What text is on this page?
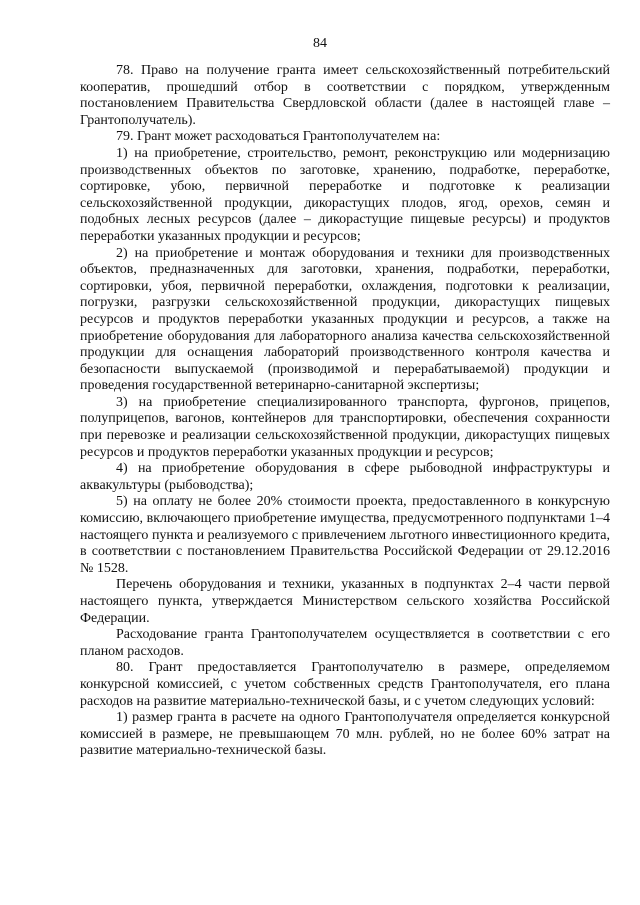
84

78. Право на получение гранта имеет сельскохозяйственный потребительский кооператив, прошедший отбор в соответствии с порядком, утвержденным постановлением Правительства Свердловской области (далее в настоящей главе – Грантополучатель).

79. Грант может расходоваться Грантополучателем на:

1) на приобретение, строительство, ремонт, реконструкцию или модернизацию производственных объектов по заготовке, хранению, подработке, переработке, сортировке, убою, первичной переработке и подготовке к реализации сельскохозяйственной продукции, дикорастущих плодов, ягод, орехов, семян и подобных лесных ресурсов (далее – дикорастущие пищевые ресурсы) и продуктов переработки указанных продукции и ресурсов;

2) на приобретение и монтаж оборудования и техники для производственных объектов, предназначенных для заготовки, хранения, подработки, переработки, сортировки, убоя, первичной переработки, охлаждения, подготовки к реализации, погрузки, разгрузки сельскохозяйственной продукции, дикорастущих пищевых ресурсов и продуктов переработки указанных продукции и ресурсов, а также на приобретение оборудования для лабораторного анализа качества сельскохозяйственной продукции для оснащения лабораторий производственного контроля качества и безопасности выпускаемой (производимой и перерабатываемой) продукции и проведения государственной ветеринарно-санитарной экспертизы;

3) на приобретение специализированного транспорта, фургонов, прицепов, полуприцепов, вагонов, контейнеров для транспортировки, обеспечения сохранности при перевозке и реализации сельскохозяйственной продукции, дикорастущих пищевых ресурсов и продуктов переработки указанных продукции и ресурсов;

4) на приобретение оборудования в сфере рыбоводной инфраструктуры и аквакультуры (рыбоводства);

5) на оплату не более 20% стоимости проекта, предоставленного в конкурсную комиссию, включающего приобретение имущества, предусмотренного подпунктами 1–4 настоящего пункта и реализуемого с привлечением льготного инвестиционного кредита, в соответствии с постановлением Правительства Российской Федерации от 29.12.2016 № 1528.

Перечень оборудования и техники, указанных в подпунктах 2–4 части первой настоящего пункта, утверждается Министерством сельского хозяйства Российской Федерации.

Расходование гранта Грантополучателем осуществляется в соответствии с его планом расходов.

80. Грант предоставляется Грантополучателю в размере, определяемом конкурсной комиссией, с учетом собственных средств Грантополучателя, его плана расходов на развитие материально-технической базы, и с учетом следующих условий:

1) размер гранта в расчете на одного Грантополучателя определяется конкурсной комиссией в размере, не превышающем 70 млн. рублей, но не более 60% затрат на развитие материально-технической базы.
